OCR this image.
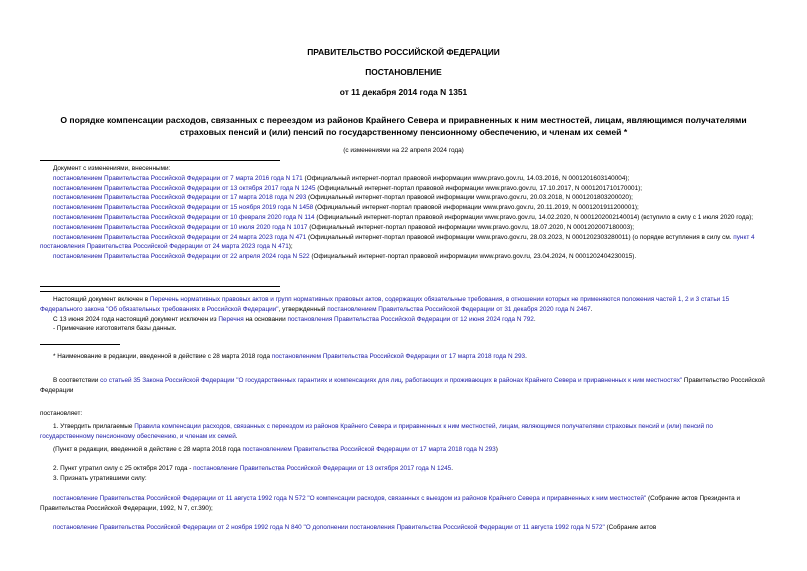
ПРАВИТЕЛЬСТВО РОССИЙСКОЙ ФЕДЕРАЦИИ
ПОСТАНОВЛЕНИЕ
от 11 декабря 2014 года N 1351
О порядке компенсации расходов, связанных с переездом из районов Крайнего Севера и приравненных к ним местностей, лицам, являющимся получателями страховых пенсий и (или) пенсий по государственному пенсионному обеспечению, и членам их семей *
(с изменениями на 22 апреля 2024 года)

Документ с изменениями, внесенными:

постановлением Правительства Российской Федерации от 7 марта 2016 года N 171 (Официальный интернет-портал правовой информации www.pravo.gov.ru, 14.03.2016, N 0001201603140004);

постановлением Правительства Российской Федерации от 13 октября 2017 года N 1245 (Официальный интернет-портал правовой информации www.pravo.gov.ru, 17.10.2017, N 0001201710170001);

постановлением Правительства Российской Федерации от 17 марта 2018 года N 293 (Официальный интернет-портал правовой информации www.pravo.gov.ru, 20.03.2018, N 0001201803200020);

постановлением Правительства Российской Федерации от 15 ноября 2019 года N 1458 (Официальный интернет-портал правовой информации www.pravo.gov.ru, 20.11.2019, N 0001201911200001);

постановлением Правительства Российской Федерации от 10 февраля 2020 года N 114 (Официальный интернет-портал правовой информации www.pravo.gov.ru, 14.02.2020, N 0001202002140014) (вступило в силу с 1 июля 2020 года);

постановлением Правительства Российской Федерации от 10 июля 2020 года N 1017 (Официальный интернет-портал правовой информации www.pravo.gov.ru, 18.07.2020, N 0001202007180003);

постановлением Правительства Российской Федерации от 24 марта 2023 года N 471 (Официальный интернет-портал правовой информации www.pravo.gov.ru, 28.03.2023, N 0001202303280011) (о порядке вступления в силу см. пункт 4 постановления Правительства Российской Федерации от 24 марта 2023 года N 471);

постановлением Правительства Российской Федерации от 22 апреля 2024 года N 522 (Официальный интернет-портал правовой информации www.pravo.gov.ru, 23.04.2024, N 0001202404230015).

Настоящий документ включен в Перечень нормативных правовых актов и групп нормативных правовых актов, содержащих обязательные требования, в отношении которых не применяются положения частей 1, 2 и 3 статьи 15 Федерального закона "Об обязательных требованиях в Российской Федерации", утвержденный постановлением Правительства Российской Федерации от 31 декабря 2020 года N 2467.

С 13 июня 2024 года настоящий документ исключен из Перечня на основании постановления Правительства Российской Федерации от 12 июня 2024 года N 792.

- Примечание изготовителя базы данных.

* Наименование в редакции, введенной в действие с 28 марта 2018 года постановлением Правительства Российской Федерации от 17 марта 2018 года N 293.

В соответствии со статьей 35 Закона Российской Федерации "О государственных гарантиях и компенсациях для лиц, работающих и проживающих в районах Крайнего Севера и приравненных к ним местностях" Правительство Российской Федерации

постановляет:

1. Утвердить прилагаемые Правила компенсации расходов, связанных с переездом из районов Крайнего Севера и приравненных к ним местностей, лицам, являющимся получателями страховых пенсий и (или) пенсий по государственному пенсионному обеспечению, и членам их семей.

(Пункт в редакции, введенной в действие с 28 марта 2018 года постановлением Правительства Российской Федерации от 17 марта 2018 года N 293)

2. Пункт утратил силу с 25 октября 2017 года - постановление Правительства Российской Федерации от 13 октября 2017 года N 1245.

3. Признать утратившими силу:

постановление Правительства Российской Федерации от 11 августа 1992 года N 572 "О компенсации расходов, связанных с выездом из районов Крайнего Севера и приравненных к ним местностей" (Собрание актов Президента и Правительства Российской Федерации, 1992, N 7, ст.390);

постановление Правительства Российской Федерации от 2 ноября 1992 года N 840 "О дополнении постановления Правительства Российской Федерации от 11 августа 1992 года N 572" (Собрание актов
